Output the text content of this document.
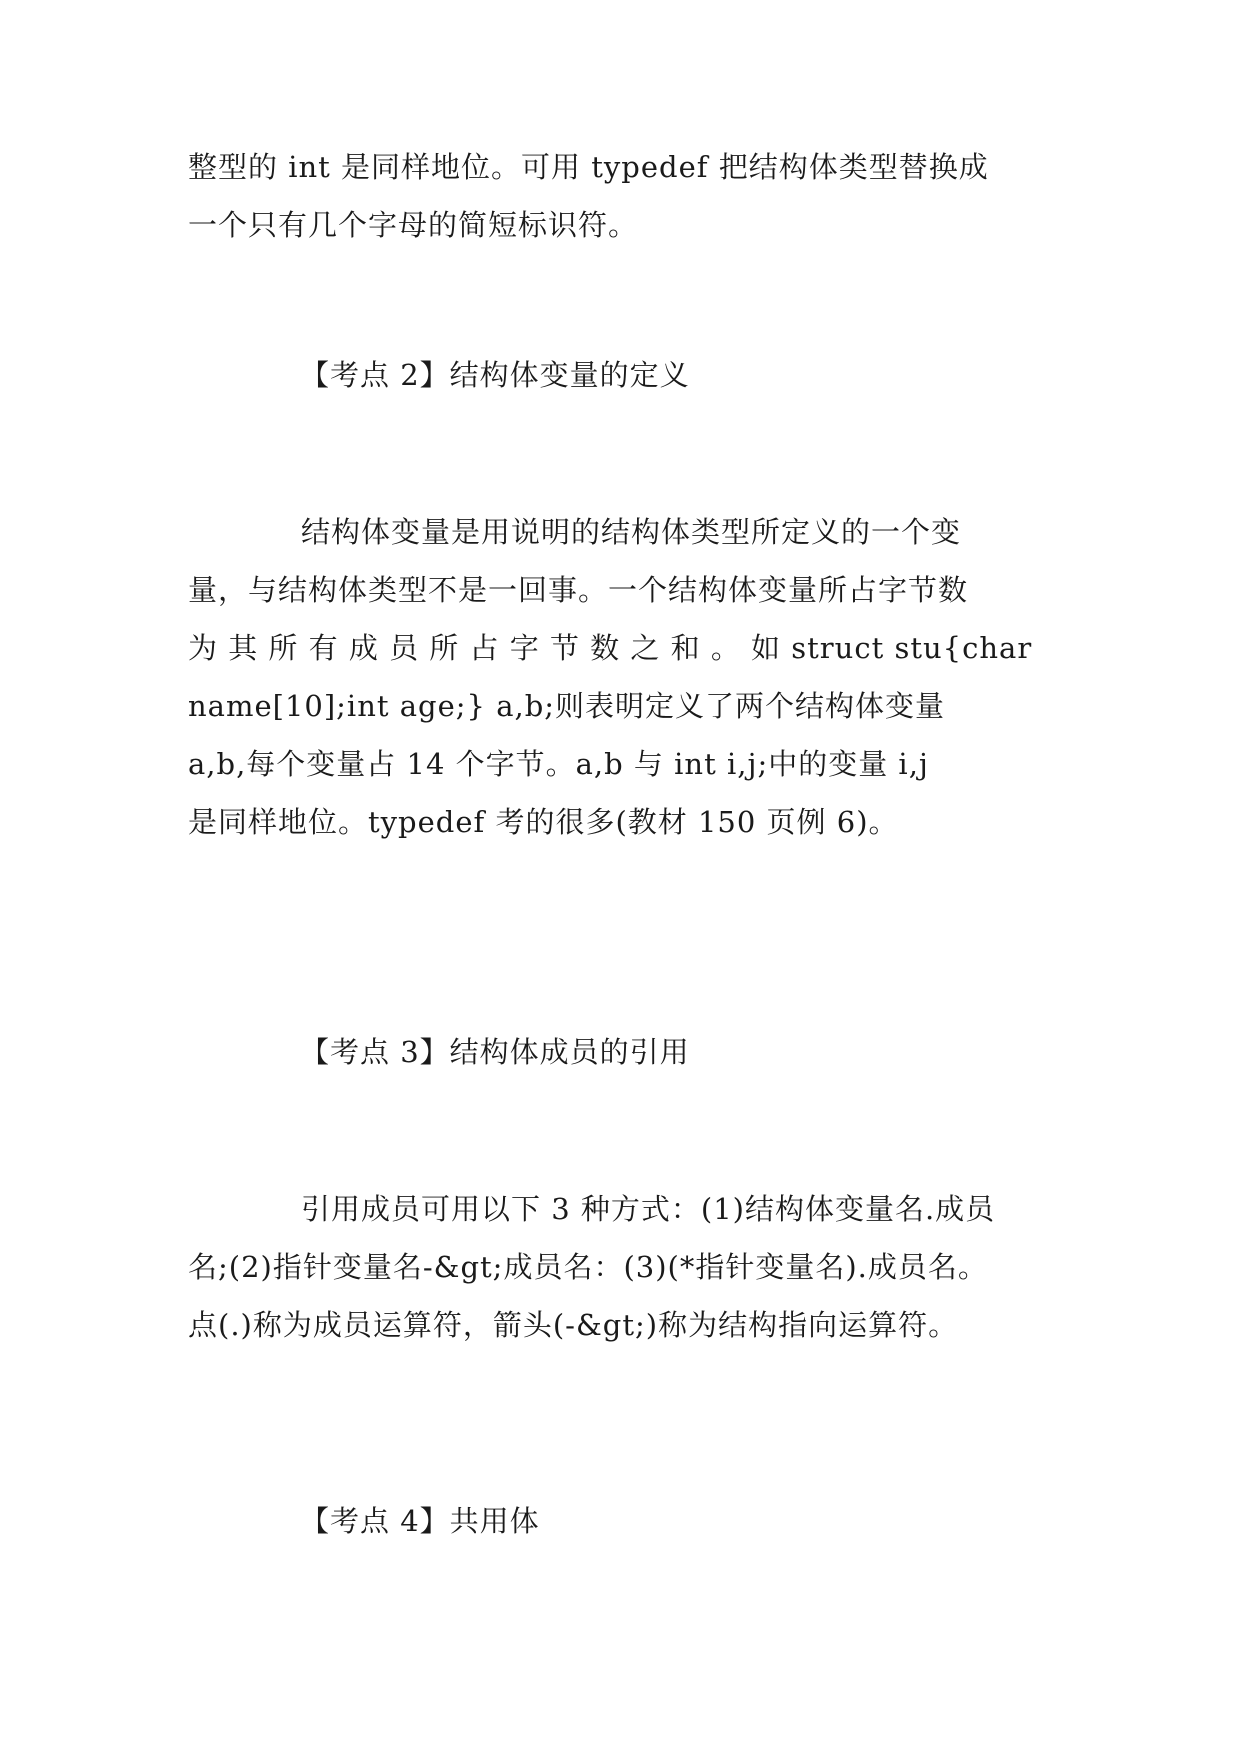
整型的 int 是同样地位。可用 typedef 把结构体类型替换成
一个只有几个字母的简短标识符。
【考点 2】结构体变量的定义
结构体变量是用说明的结构体类型所定义的一个变
量，与结构体类型不是一回事。一个结构体变量所占字节数
为 其 所 有 成 员 所 占 字 节 数 之 和 。 如 struct stu{char
name[10];int age;} a,b;则表明定义了两个结构体变量
a,b,每个变量占 14 个字节。a,b 与 int i,j;中的变量 i,j
是同样地位。typedef 考的很多(教材 150 页例 6)。
【考点 3】结构体成员的引用
引用成员可用以下 3 种方式：(1)结构体变量名.成员
名;(2)指针变量名-&gt;成员名：(3)(*指针变量名).成员名。
点(.)称为成员运算符，箭头(-&gt;)称为结构指向运算符。
【考点 4】共用体
